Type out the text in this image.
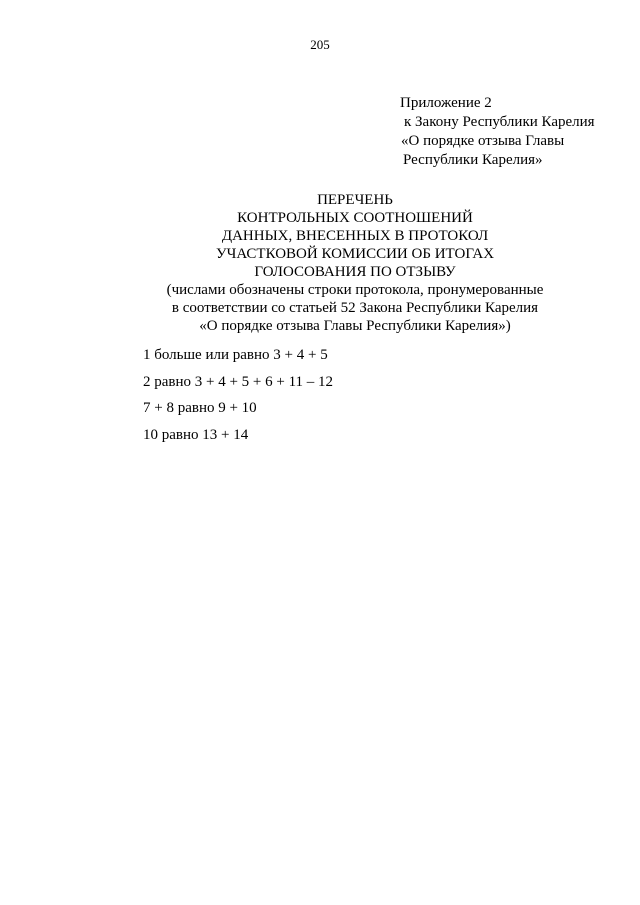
205
Приложение 2
к Закону Республики Карелия
«О порядке отзыва Главы
Республики Карелия»
ПЕРЕЧЕНЬ
КОНТРОЛЬНЫХ СООТНОШЕНИЙ
ДАННЫХ, ВНЕСЕННЫХ В ПРОТОКОЛ
УЧАСТКОВОЙ КОМИССИИ ОБ ИТОГАХ
ГОЛОСОВАНИЯ ПО ОТЗЫВУ
(числами обозначены строки протокола, пронумерованные
в соответствии со статьей 52 Закона Республики Карелия
«О порядке отзыва Главы Республики Карелия»)
1 больше или равно 3 + 4 + 5
2 равно 3 + 4 + 5 + 6 + 11 – 12
7 + 8 равно 9 + 10
10 равно 13 + 14
